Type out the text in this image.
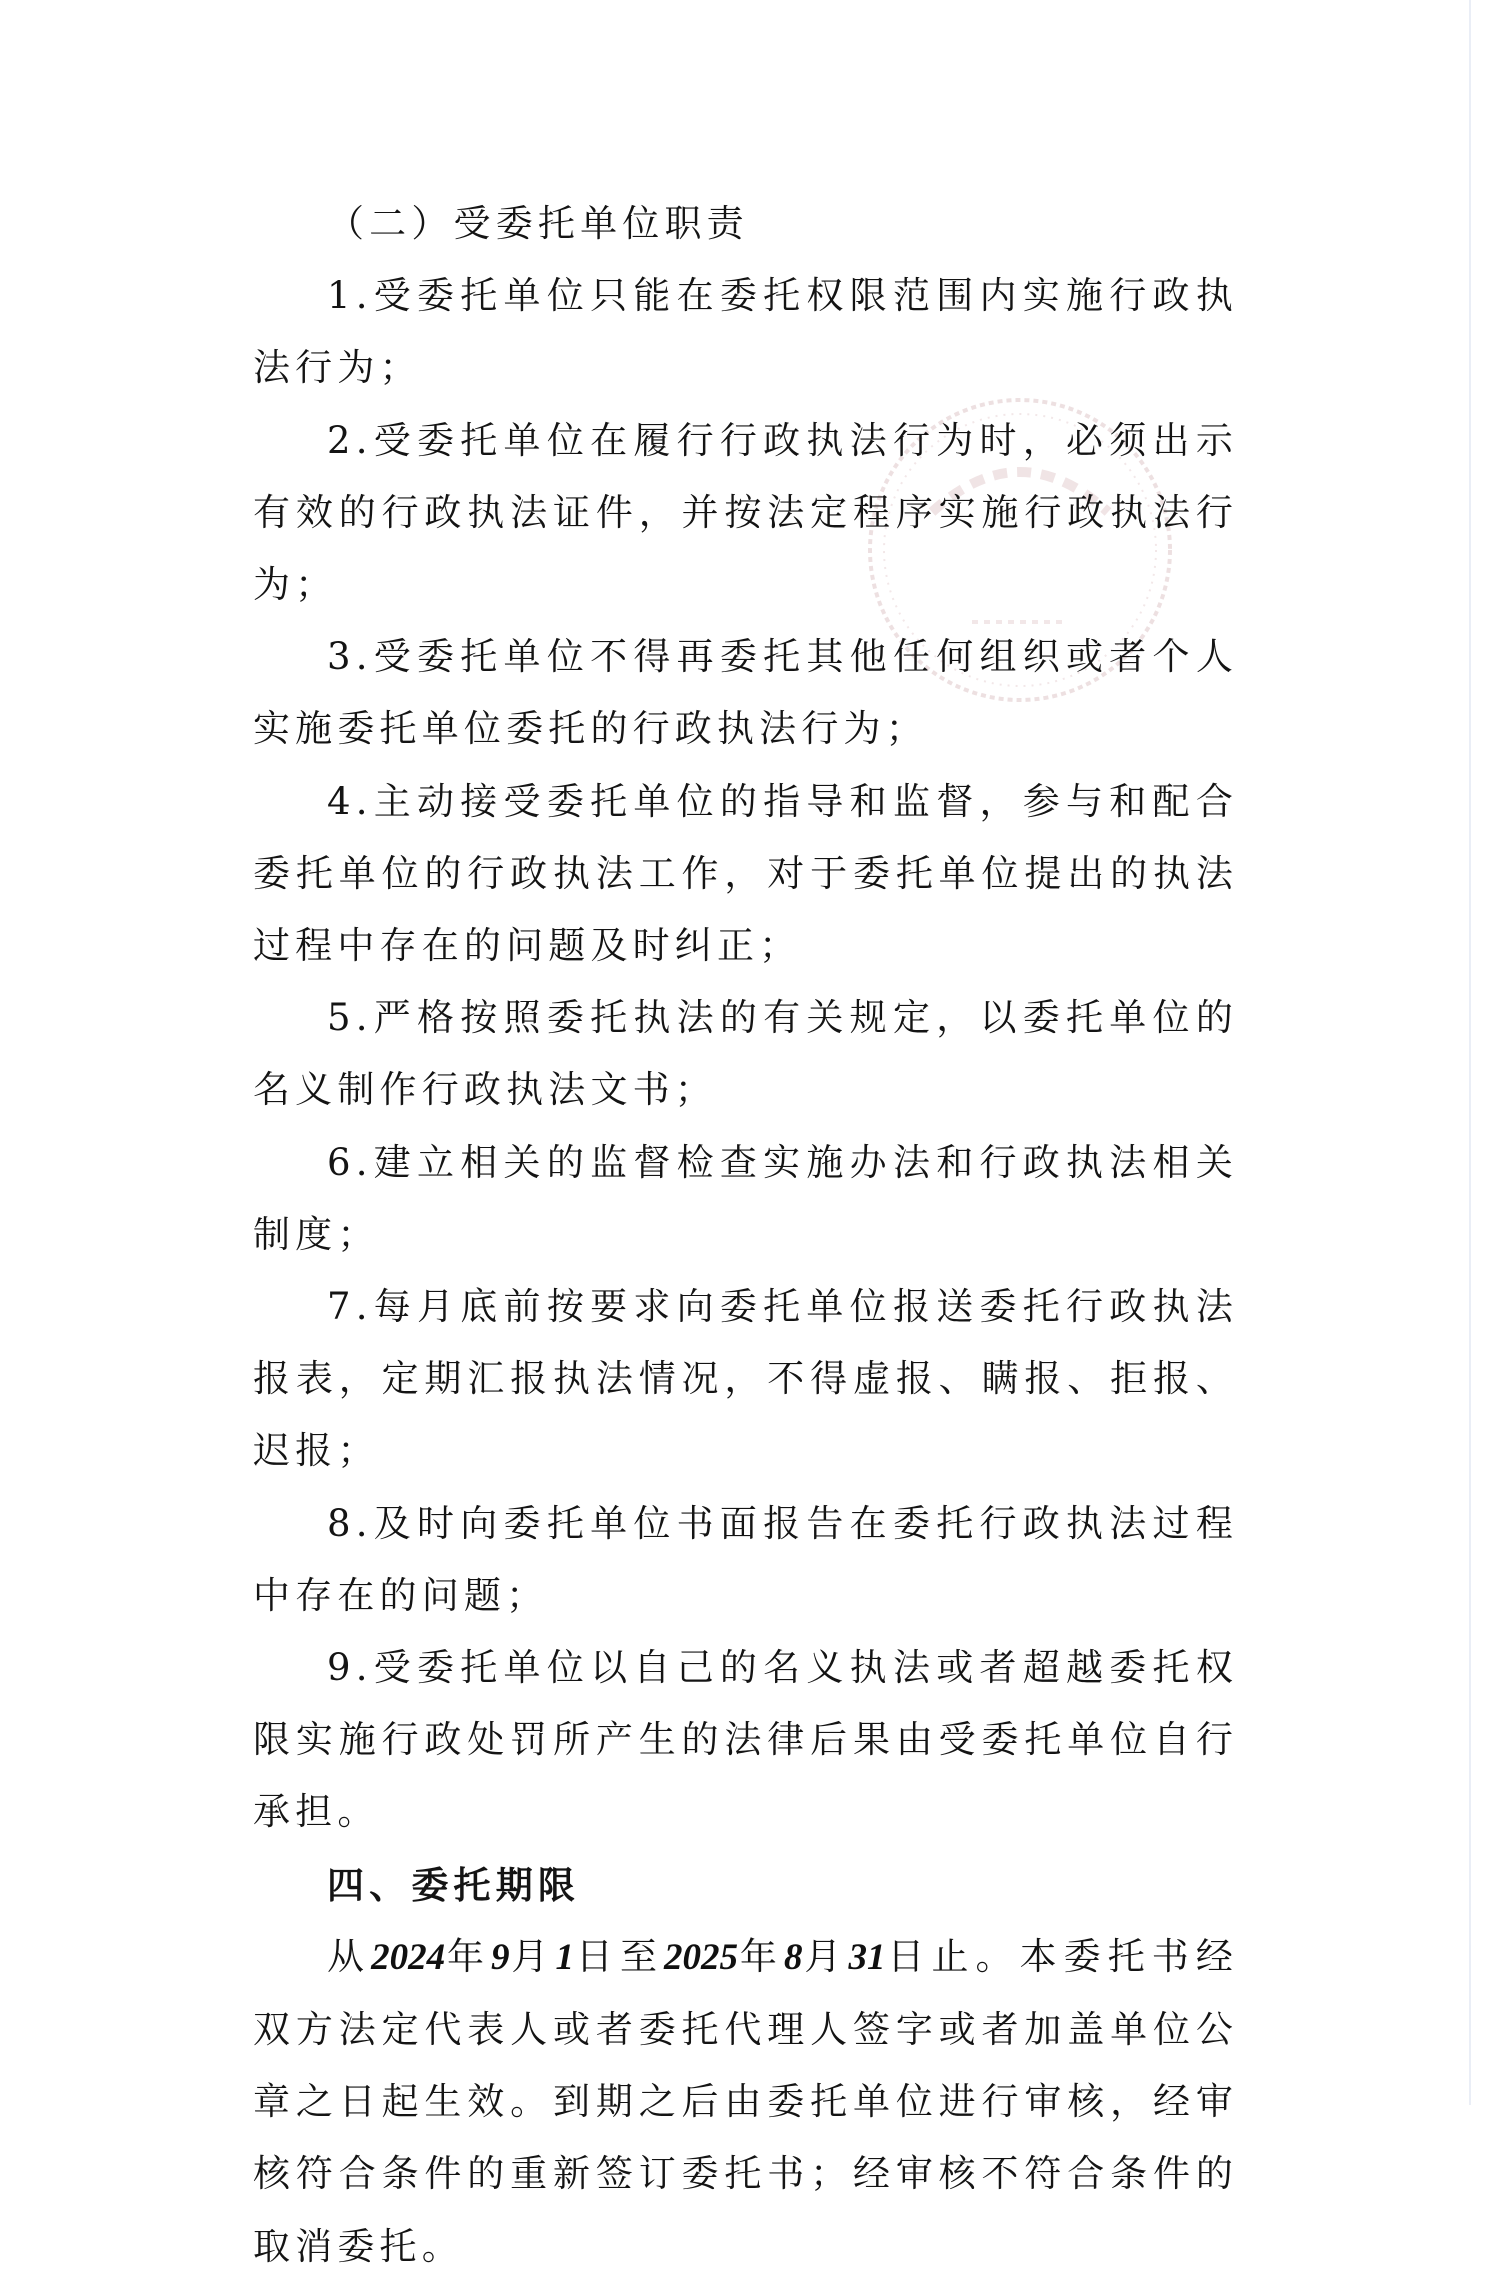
（二）受委托单位职责

1.受委托单位只能在委托权限范围内实施行政执法行为；

2.受委托单位在履行行政执法行为时，必须出示有效的行政执法证件，并按法定程序实施行政执法行为；

3.受委托单位不得再委托其他任何组织或者个人实施委托单位委托的行政执法行为；

4.主动接受委托单位的指导和监督，参与和配合委托单位的行政执法工作，对于委托单位提出的执法过程中存在的问题及时纠正；

5.严格按照委托执法的有关规定，以委托单位的名义制作行政执法文书；

6.建立相关的监督检查实施办法和行政执法相关制度；

7.每月底前按要求向委托单位报送委托行政执法报表，定期汇报执法情况，不得虚报、瞒报、拒报、迟报；

8.及时向委托单位书面报告在委托行政执法过程中存在的问题；

9.受委托单位以自己的名义执法或者超越委托权限实施行政处罚所产生的法律后果由受委托单位自行承担。

四、委托期限

从2024年9月1日至2025年8月31日止。本委托书经双方法定代表人或者委托代理人签字或者加盖单位公章之日起生效。到期之后由委托单位进行审核，经审核符合条件的重新签订委托书；经审核不符合条件的取消委托。
